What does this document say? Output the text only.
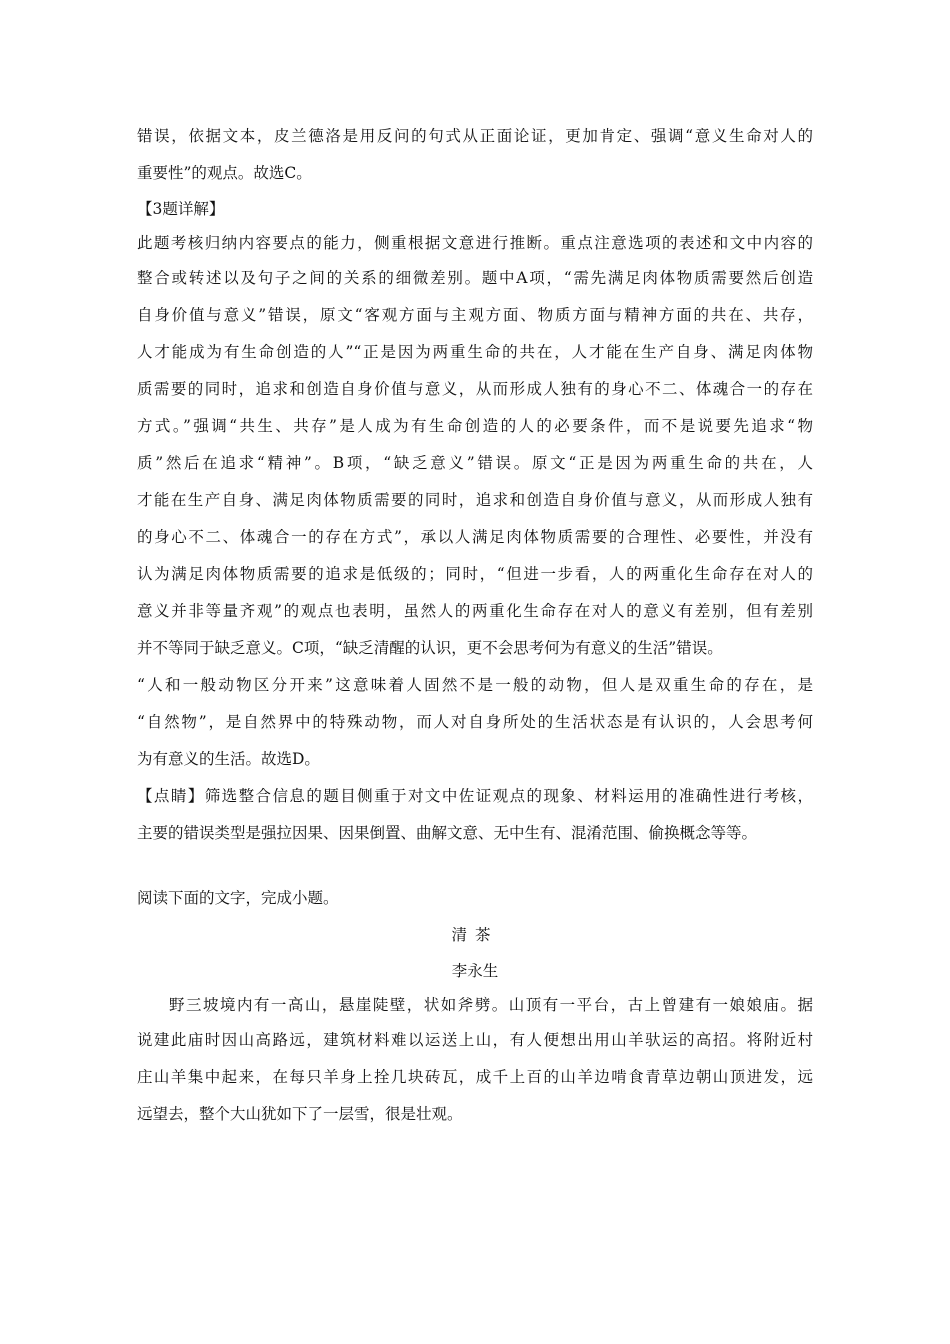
错误，依据文本，皮兰德洛是用反问的句式从正面论证，更加肯定、强调“意义生命对人的
重要性”的观点。故选C。
【3题详解】
此题考核归纳内容要点的能力，侧重根据文意进行推断。重点注意选项的表述和文中内容的
整合或转述以及句子之间的关系的细微差别。题中A项，“需先满足肉体物质需要然后创造
自身价值与意义”错误，原文“客观方面与主观方面、物质方面与精神方面的共在、共存，
人才能成为有生命创造的人”“正是因为两重生命的共在，人才能在生产自身、满足肉体物
质需要的同时，追求和创造自身价值与意义，从而形成人独有的身心不二、体魂合一的存在
方式。”强调“共生、共存”是人成为有生命创造的人的必要条件，而不是说要先追求“物
质”然后在追求“精神”。B项，“缺乏意义”错误。原文“正是因为两重生命的共在，人
才能在生产自身、满足肉体物质需要的同时，追求和创造自身价值与意义，从而形成人独有
的身心不二、体魂合一的存在方式”，承以人满足肉体物质需要的合理性、必要性，并没有
认为满足肉体物质需要的追求是低级的；同时，“但进一步看，人的两重化生命存在对人的
意义并非等量齐观”的观点也表明，虽然人的两重化生命存在对人的意义有差别，但有差别
并不等同于缺乏意义。C项，“缺乏清醒的认识，更不会思考何为有意义的生活”错误。
“人和一般动物区分开来”这意味着人固然不是一般的动物，但人是双重生命的存在，是
“自然物”，是自然界中的特殊动物，而人对自身所处的生活状态是有认识的，人会思考何
为有意义的生活。故选D。
【点睛】筛选整合信息的题目侧重于对文中佐证观点的现象、材料运用的准确性进行考核，
主要的错误类型是强拉因果、因果倒置、曲解文意、无中生有、混淆范围、偷换概念等等。
阅读下面的文字，完成小题。
清茶
李永生
野三坡境内有一高山，悬崖陡壁，状如斧劈。山顶有一平台，古上曾建有一娘娘庙。据
说建此庙时因山高路远，建筑材料难以运送上山，有人便想出用山羊驮运的高招。将附近村
庄山羊集中起来，在每只羊身上拴几块砖瓦，成千上百的山羊边啃食青草边朝山顶进发，远
远望去，整个大山犹如下了一层雪，很是壮观。
